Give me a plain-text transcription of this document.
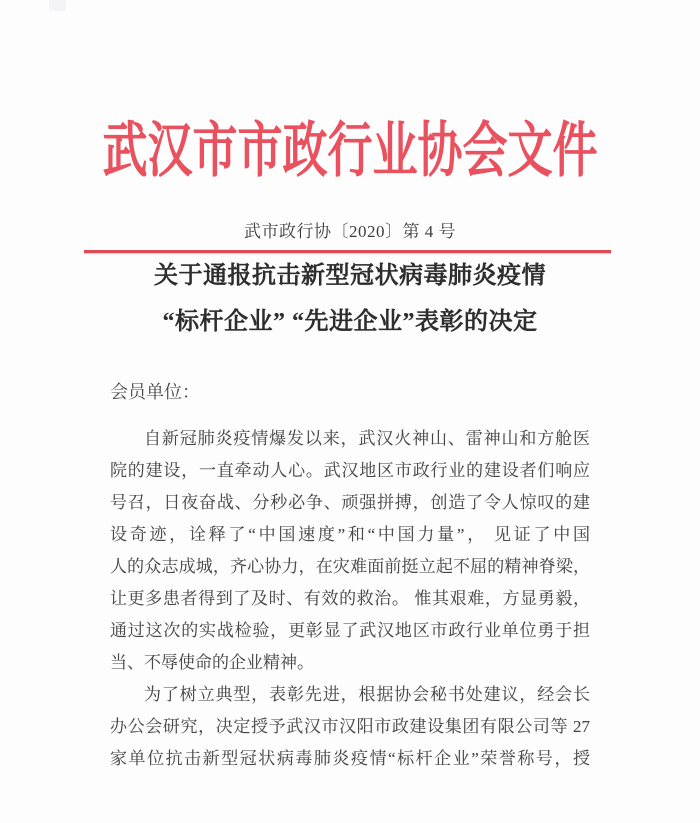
武汉市市政行业协会文件
武市政行协〔2020〕第 4 号
关于通报抗击新型冠状病毒肺炎疫情
“标杆企业” “先进企业”表彰的决定
会员单位：
自新冠肺炎疫情爆发以来，武汉火神山、雷神山和方舱医
院的建设，一直牵动人心。武汉地区市政行业的建设者们响应
号召，日夜奋战、分秒必争、顽强拼搏，创造了令人惊叹的建
设奇迹，诠释了“中国速度”和“中国力量”， 见证了中国
人的众志成城，齐心协力，在灾难面前挺立起不屈的精神脊梁，
让更多患者得到了及时、有效的救治。 惟其艰难，方显勇毅，
通过这次的实战检验，更彰显了武汉地区市政行业单位勇于担
当、不辱使命的企业精神。
为了树立典型，表彰先进，根据协会秘书处建议，经会长
办公会研究，决定授予武汉市汉阳市政建设集团有限公司等 27
家单位抗击新型冠状病毒肺炎疫情“标杆企业”荣誉称号，授
